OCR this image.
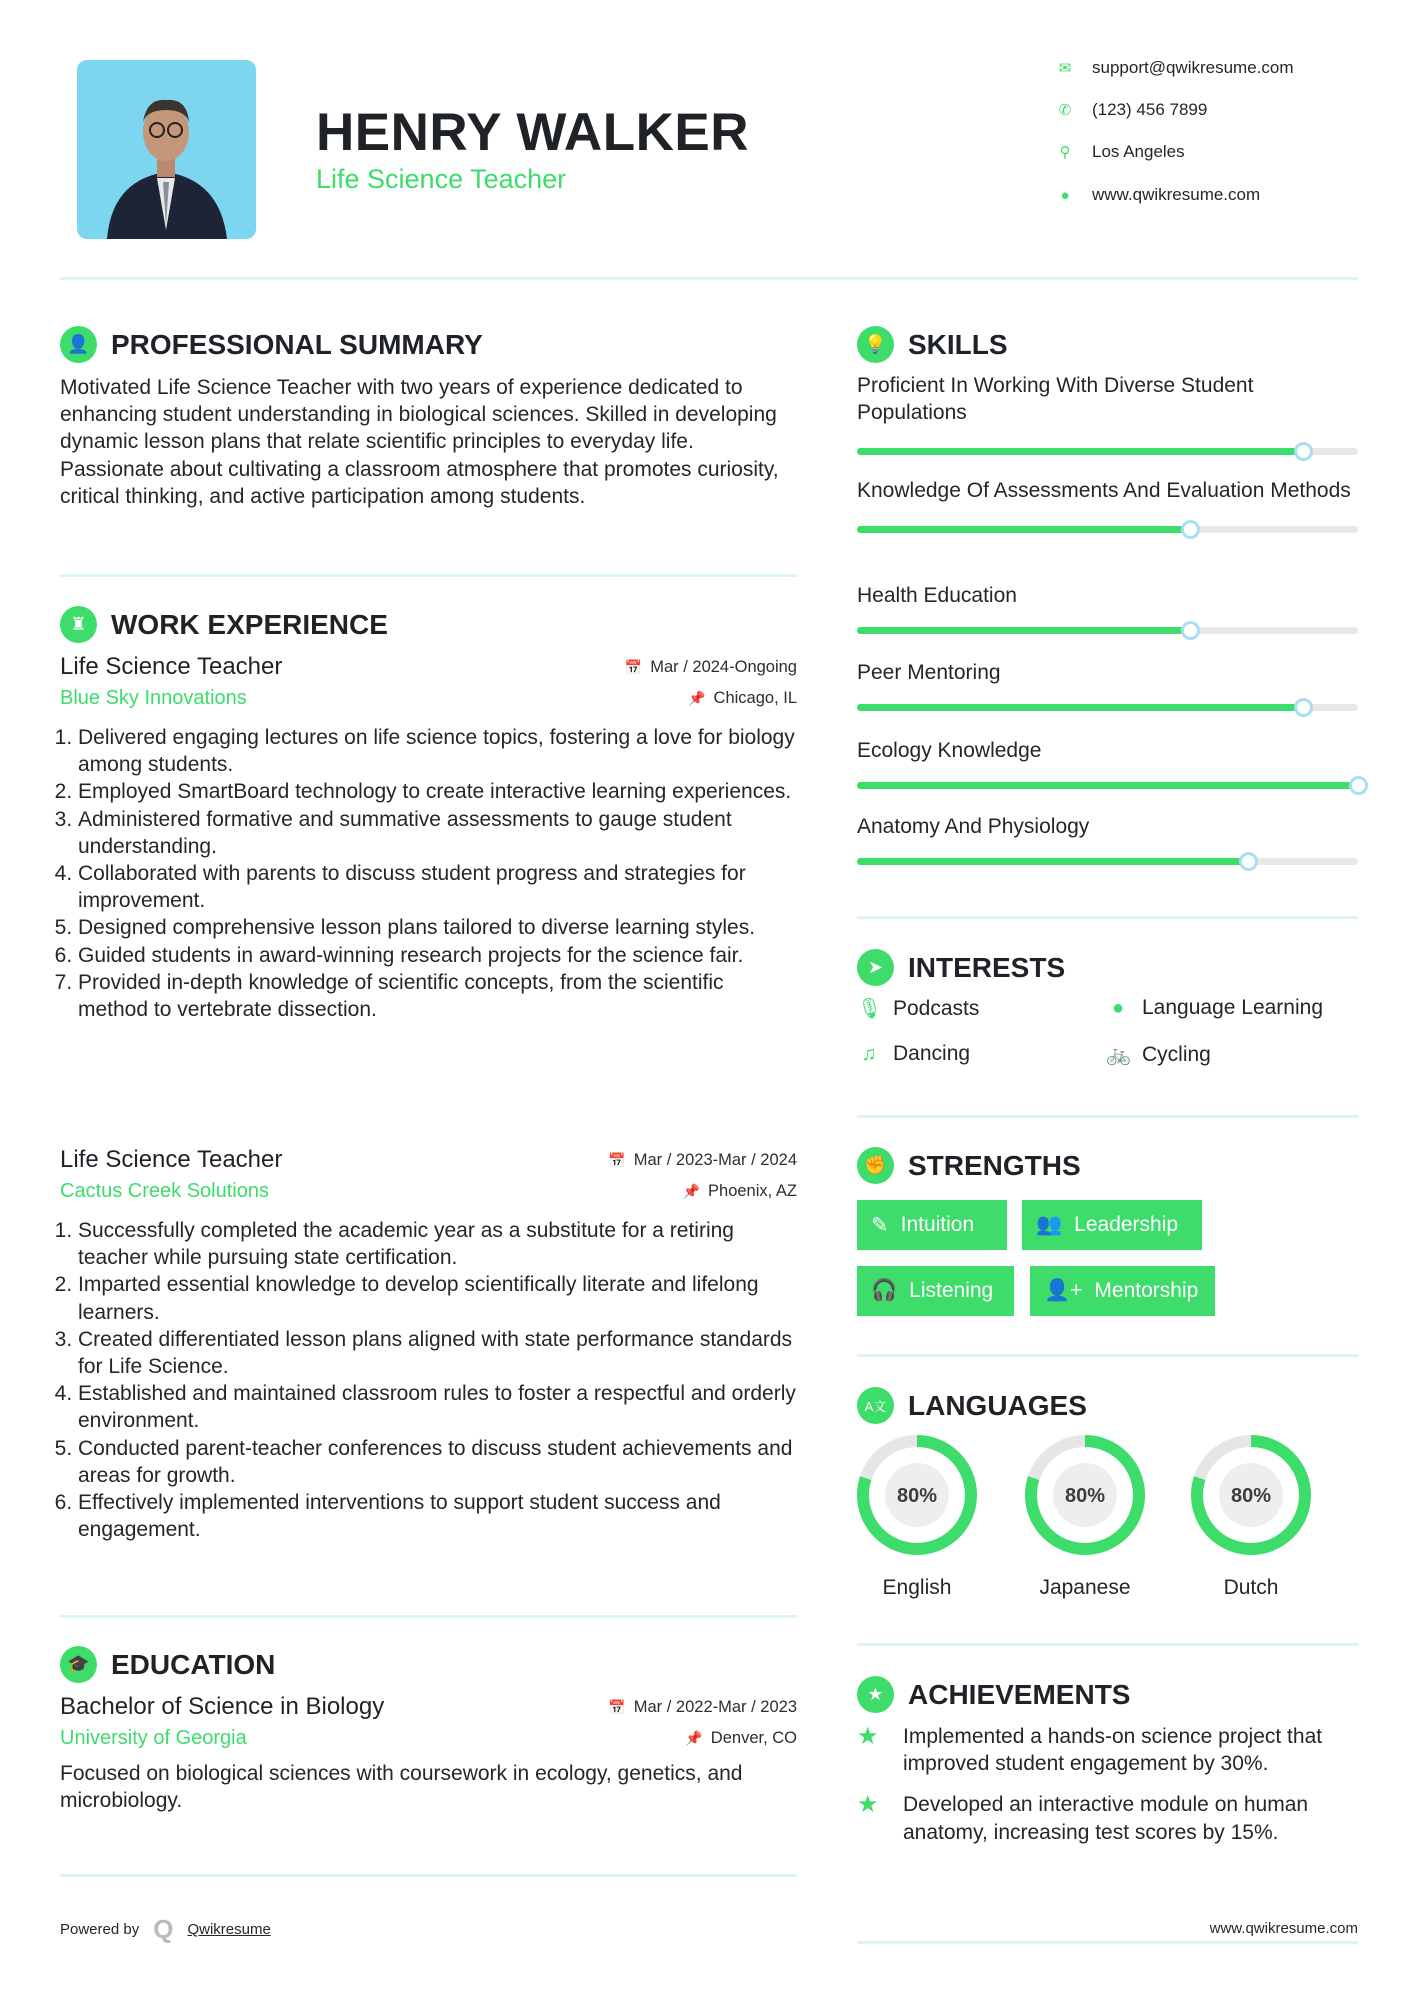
HENRY WALKER
Life Science Teacher
✉	support@qwikresume.com
✆	(123) 456 7899
⚲	Los Angeles
●	www.qwikresume.com
👤 PROFESSIONAL SUMMARY

Motivated Life Science Teacher with two years of experience dedicated to enhancing student understanding in biological sciences. Skilled in developing dynamic lesson plans that relate scientific principles to everyday life. Passionate about cultivating a classroom atmosphere that promotes curiosity, critical thinking, and active participation among students.

♜ WORK EXPERIENCE
Life Science Teacher	📅 Mar / 2024-Ongoing
Blue Sky Innovations	📌 Chicago, IL
1. Delivered engaging lectures on life science topics, fostering a love for biology among students.
2. Employed SmartBoard technology to create interactive learning experiences.
3. Administered formative and summative assessments to gauge student understanding.
4. Collaborated with parents to discuss student progress and strategies for improvement.
5. Designed comprehensive lesson plans tailored to diverse learning styles.
6. Guided students in award-winning research projects for the science fair.
7. Provided in-depth knowledge of scientific concepts, from the scientific method to vertebrate dissection.
Life Science Teacher	📅 Mar / 2023-Mar / 2024
Cactus Creek Solutions	📌 Phoenix, AZ
1. Successfully completed the academic year as a substitute for a retiring teacher while pursuing state certification.
2. Imparted essential knowledge to develop scientifically literate and lifelong learners.
3. Created differentiated lesson plans aligned with state performance standards for Life Science.
4. Established and maintained classroom rules to foster a respectful and orderly environment.
5. Conducted parent-teacher conferences to discuss student achievements and areas for growth.
6. Effectively implemented interventions to support student success and engagement.
🎓 EDUCATION
Bachelor of Science in Biology	📅 Mar / 2022-Mar / 2023
University of Georgia	📌 Denver, CO

Focused on biological sciences with coursework in ecology, genetics, and microbiology.

Powered by Q Qwikresume
💡 SKILLS
Proficient In Working With Diverse Student Populations
Knowledge Of Assessments And Evaluation Methods
Health Education
Peer Mentoring
Ecology Knowledge
Anatomy And Physiology
➤ INTERESTS
🎙 Podcasts	● Language Learning
♫ Dancing	🚲 Cycling
✊ STRENGTHS
✎ Intuition	👥 Leadership
🎧 Listening 👤+ Mentorship
A文 LANGUAGES
80%
English
80%
Japanese
80%
Dutch
★ ACHIEVEMENTS
★	Implemented a hands-on science project that improved student engagement by 30%.
★	Developed an interactive module on human anatomy, increasing test scores by 15%.
www.qwikresume.com
